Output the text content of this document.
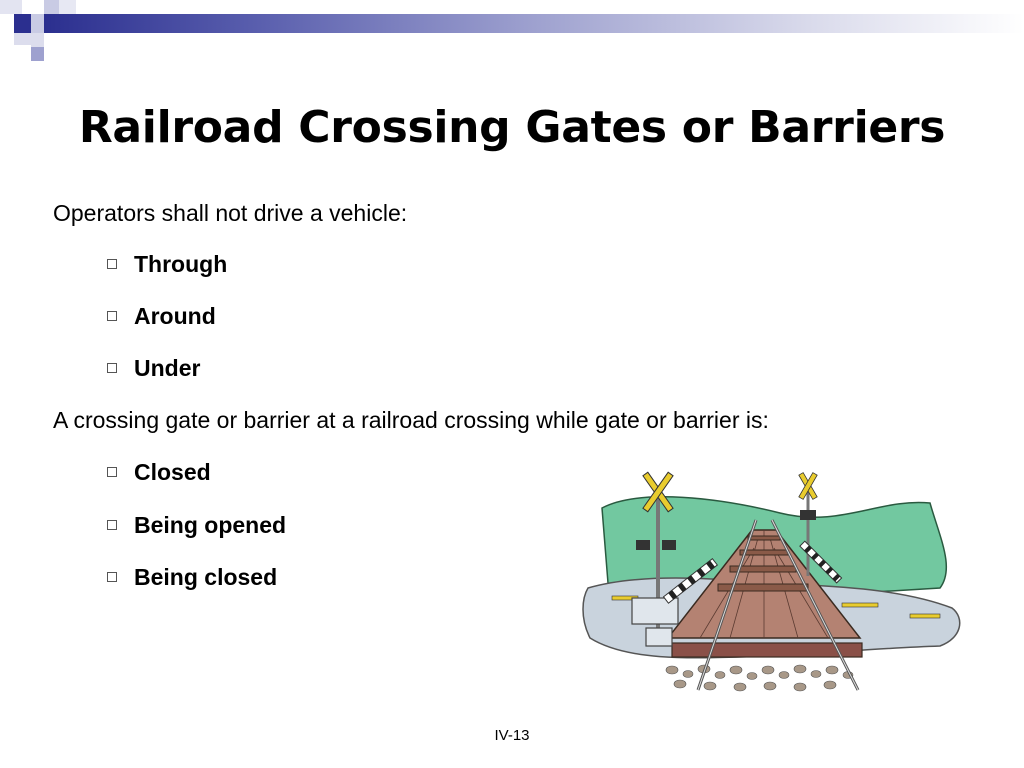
Railroad Crossing Gates or Barriers
Operators shall not drive a vehicle:
Through
Around
Under
A crossing gate or barrier at a railroad crossing while gate or barrier is:
Closed
Being opened
Being closed
IV-13
